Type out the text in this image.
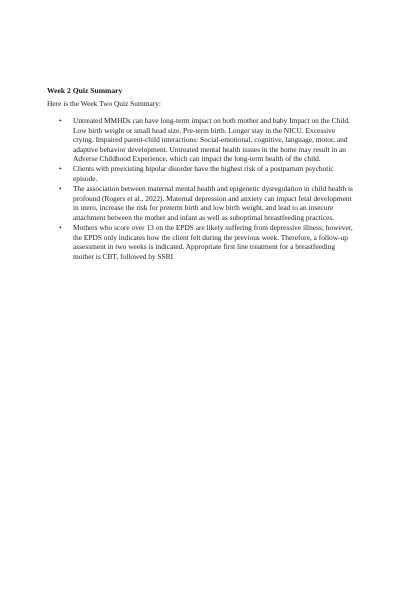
Week 2 Quiz Summary
Here is the Week Two Quiz Summary:
• Untreated MMHDs can have long-term impact on both mother and baby Impact on the Child. Low birth weight or small head size. Pre-term birth. Longer stay in the NICU. Excessive crying. Impaired parent-child interactions: Social-emotional, cognitive, language, motor, and adaptive behavior development. Untreated mental health issues in the home may result in an Adverse Childhood Experience, which can impact the long-term health of the child.
• Clients with preexisting bipolar disorder have the highest risk of a postpartum psychotic episode.
• The association between maternal mental health and epigenetic dysregulation in child health is profound (Rogers et al., 2022). Maternal depression and anxiety can impact fetal development in utero, increase the risk for preterm birth and low birth weight, and lead to an insecure attachment between the mother and infant as well as suboptimal breastfeeding practices.
• Mothers who score over 13 on the EPDS are likely suffering from depressive illness; however, the EPDS only indicates how the client felt during the previous week. Therefore, a follow-up assessment in two weeks is indicated. Appropriate first line treatment for a breastfeeding mother is CBT, followed by SSRI
